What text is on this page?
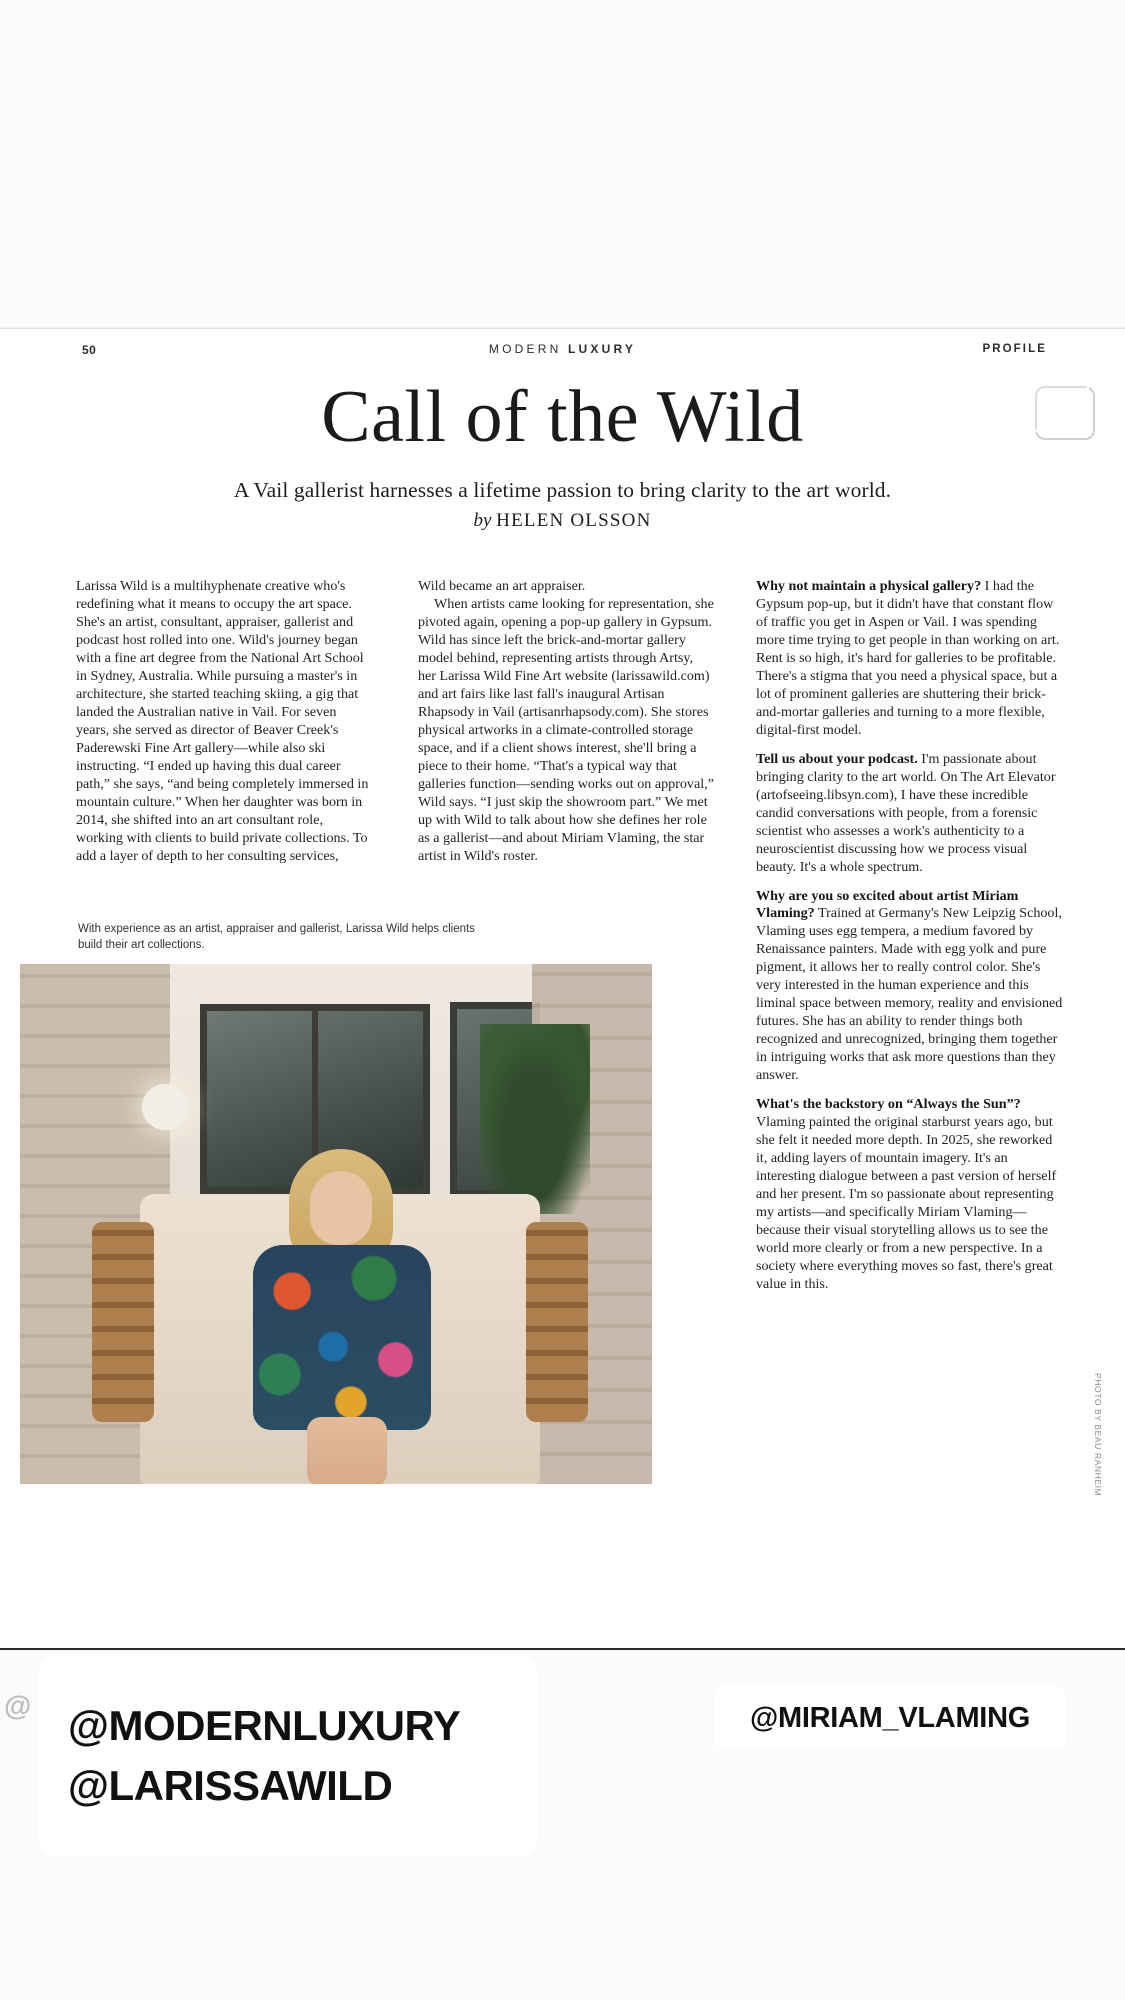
50	MODERN LUXURY	PROFILE
Call of the Wild
A Vail gallerist harnesses a lifetime passion to bring clarity to the art world.
by HELEN OLSSON

Larissa Wild is a multihyphenate creative who's redefining what it means to occupy the art space. She's an artist, consultant, appraiser, gallerist and podcast host rolled into one. Wild's journey began with a fine art degree from the National Art School in Sydney, Australia. While pursuing a master's in architecture, she started teaching skiing, a gig that landed the Australian native in Vail. For seven years, she served as director of Beaver Creek's Paderewski Fine Art gallery—while also ski instructing. “I ended up having this dual career path,” she says, “and being completely immersed in mountain culture.” When her daughter was born in 2014, she shifted into an art consultant role, working with clients to build private collections. To add a layer of depth to her consulting services,

Wild became an art appraiser.

When artists came looking for representation, she pivoted again, opening a pop-up gallery in Gypsum. Wild has since left the brick-and-mortar gallery model behind, representing artists through Artsy, her Larissa Wild Fine Art website (larissawild.com) and art fairs like last fall's inaugural Artisan Rhapsody in Vail (artisanrhapsody.com). She stores physical artworks in a climate-controlled storage space, and if a client shows interest, she'll bring a piece to their home. “That's a typical way that galleries function—sending works out on approval,” Wild says. “I just skip the showroom part.” We met up with Wild to talk about how she defines her role as a gallerist—and about Miriam Vlaming, the star artist in Wild's roster.

Why not maintain a physical gallery? I had the Gypsum pop-up, but it didn't have that constant flow of traffic you get in Aspen or Vail. I was spending more time trying to get people in than working on art. Rent is so high, it's hard for galleries to be profitable. There's a stigma that you need a physical space, but a lot of prominent galleries are shuttering their brick-and-mortar galleries and turning to a more flexible, digital-first model.
Tell us about your podcast. I'm passionate about bringing clarity to the art world. On The Art Elevator (artofseeing.libsyn.com), I have these incredible candid conversations with people, from a forensic scientist who assesses a work's authenticity to a neuroscientist discussing how we process visual beauty. It's a whole spectrum.
Why are you so excited about artist Miriam Vlaming? Trained at Germany's New Leipzig School, Vlaming uses egg tempera, a medium favored by Renaissance painters. Made with egg yolk and pure pigment, it allows her to really control color. She's very interested in the human experience and this liminal space between memory, reality and envisioned futures. She has an ability to render things both recognized and unrecognized, bringing them together in intriguing works that ask more questions than they answer.
What's the backstory on “Always the Sun”? Vlaming painted the original starburst years ago, but she felt it needed more depth. In 2025, she reworked it, adding layers of mountain imagery. It's an interesting dialogue between a past version of herself and her present. I'm so passionate about representing my artists—and specifically Miriam Vlaming—because their visual storytelling allows us to see the world more clearly or from a new perspective. In a society where everything moves so fast, there's great value in this.
With experience as an artist, appraiser and gallerist, Larissa Wild helps clients build their art collections.
PHOTO BY BEAU RANHEIM
@ @MODERNLUXURY
@LARISSAWILD
@MIRIAM_VLAMING
